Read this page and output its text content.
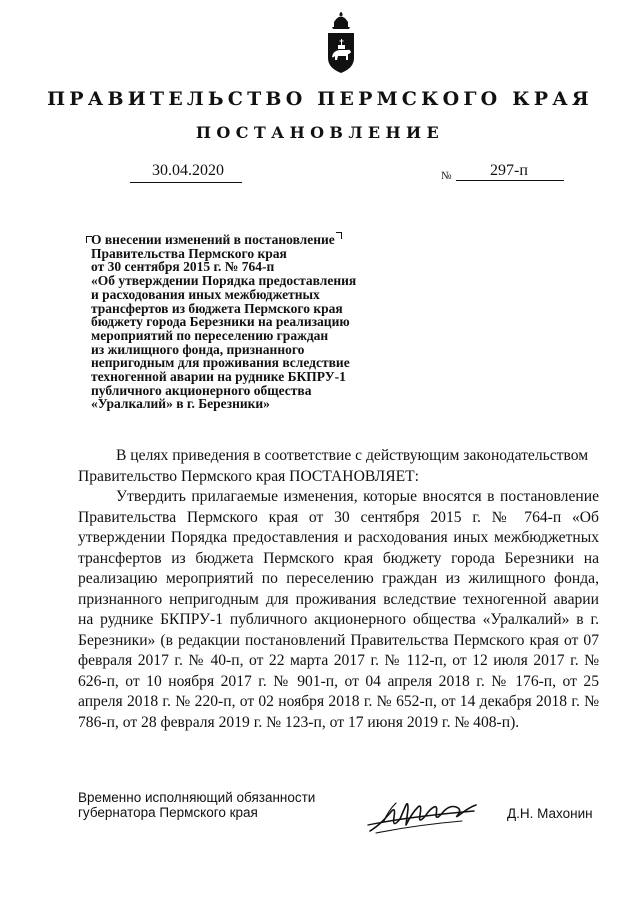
ПРАВИТЕЛЬСТВО ПЕРМСКОГО КРАЯ
ПОСТАНОВЛЕНИЕ
30.04.2020	№ 297-п
О внесении изменений в постановление
Правительства Пермского края
от 30 сентября 2015 г. № 764-п
«Об утверждении Порядка предоставления
и расходования иных межбюджетных
трансфертов из бюджета Пермского края
бюджету города Березники на реализацию
мероприятий по переселению граждан
из жилищного фонда, признанного
непригодным для проживания вследствие
техногенной аварии на руднике БКПРУ-1
публичного акционерного общества
«Уралкалий» в г. Березники»

В целях приведения в соответствие с действующим законодательством

Правительство Пермского края ПОСТАНОВЛЯЕТ:

Утвердить прилагаемые изменения, которые вносятся в постановление Правительства Пермского края от 30 сентября 2015 г. № 764-п «Об утверждении Порядка предоставления и расходования иных межбюджетных трансфертов из бюджета Пермского края бюджету города Березники на реализацию мероприятий по переселению граждан из жилищного фонда, признанного непригодным для проживания вследствие техногенной аварии на руднике БКПРУ-1 публичного акционерного общества «Уралкалий» в г. Березники» (в редакции постановлений Правительства Пермского края от 07 февраля 2017 г. № 40-п, от 22 марта 2017 г. № 112-п, от 12 июля 2017 г. № 626-п, от 10 ноября 2017 г. № 901-п, от 04 апреля 2018 г. № 176-п, от 25 апреля 2018 г. № 220-п, от 02 ноября 2018 г. № 652-п, от 14 декабря 2018 г. № 786-п, от 28 февраля 2019 г. № 123-п, от 17 июня 2019 г. № 408-п).

Временно исполняющий обязанности
губернатора Пермского края	Д.Н. Махонин
